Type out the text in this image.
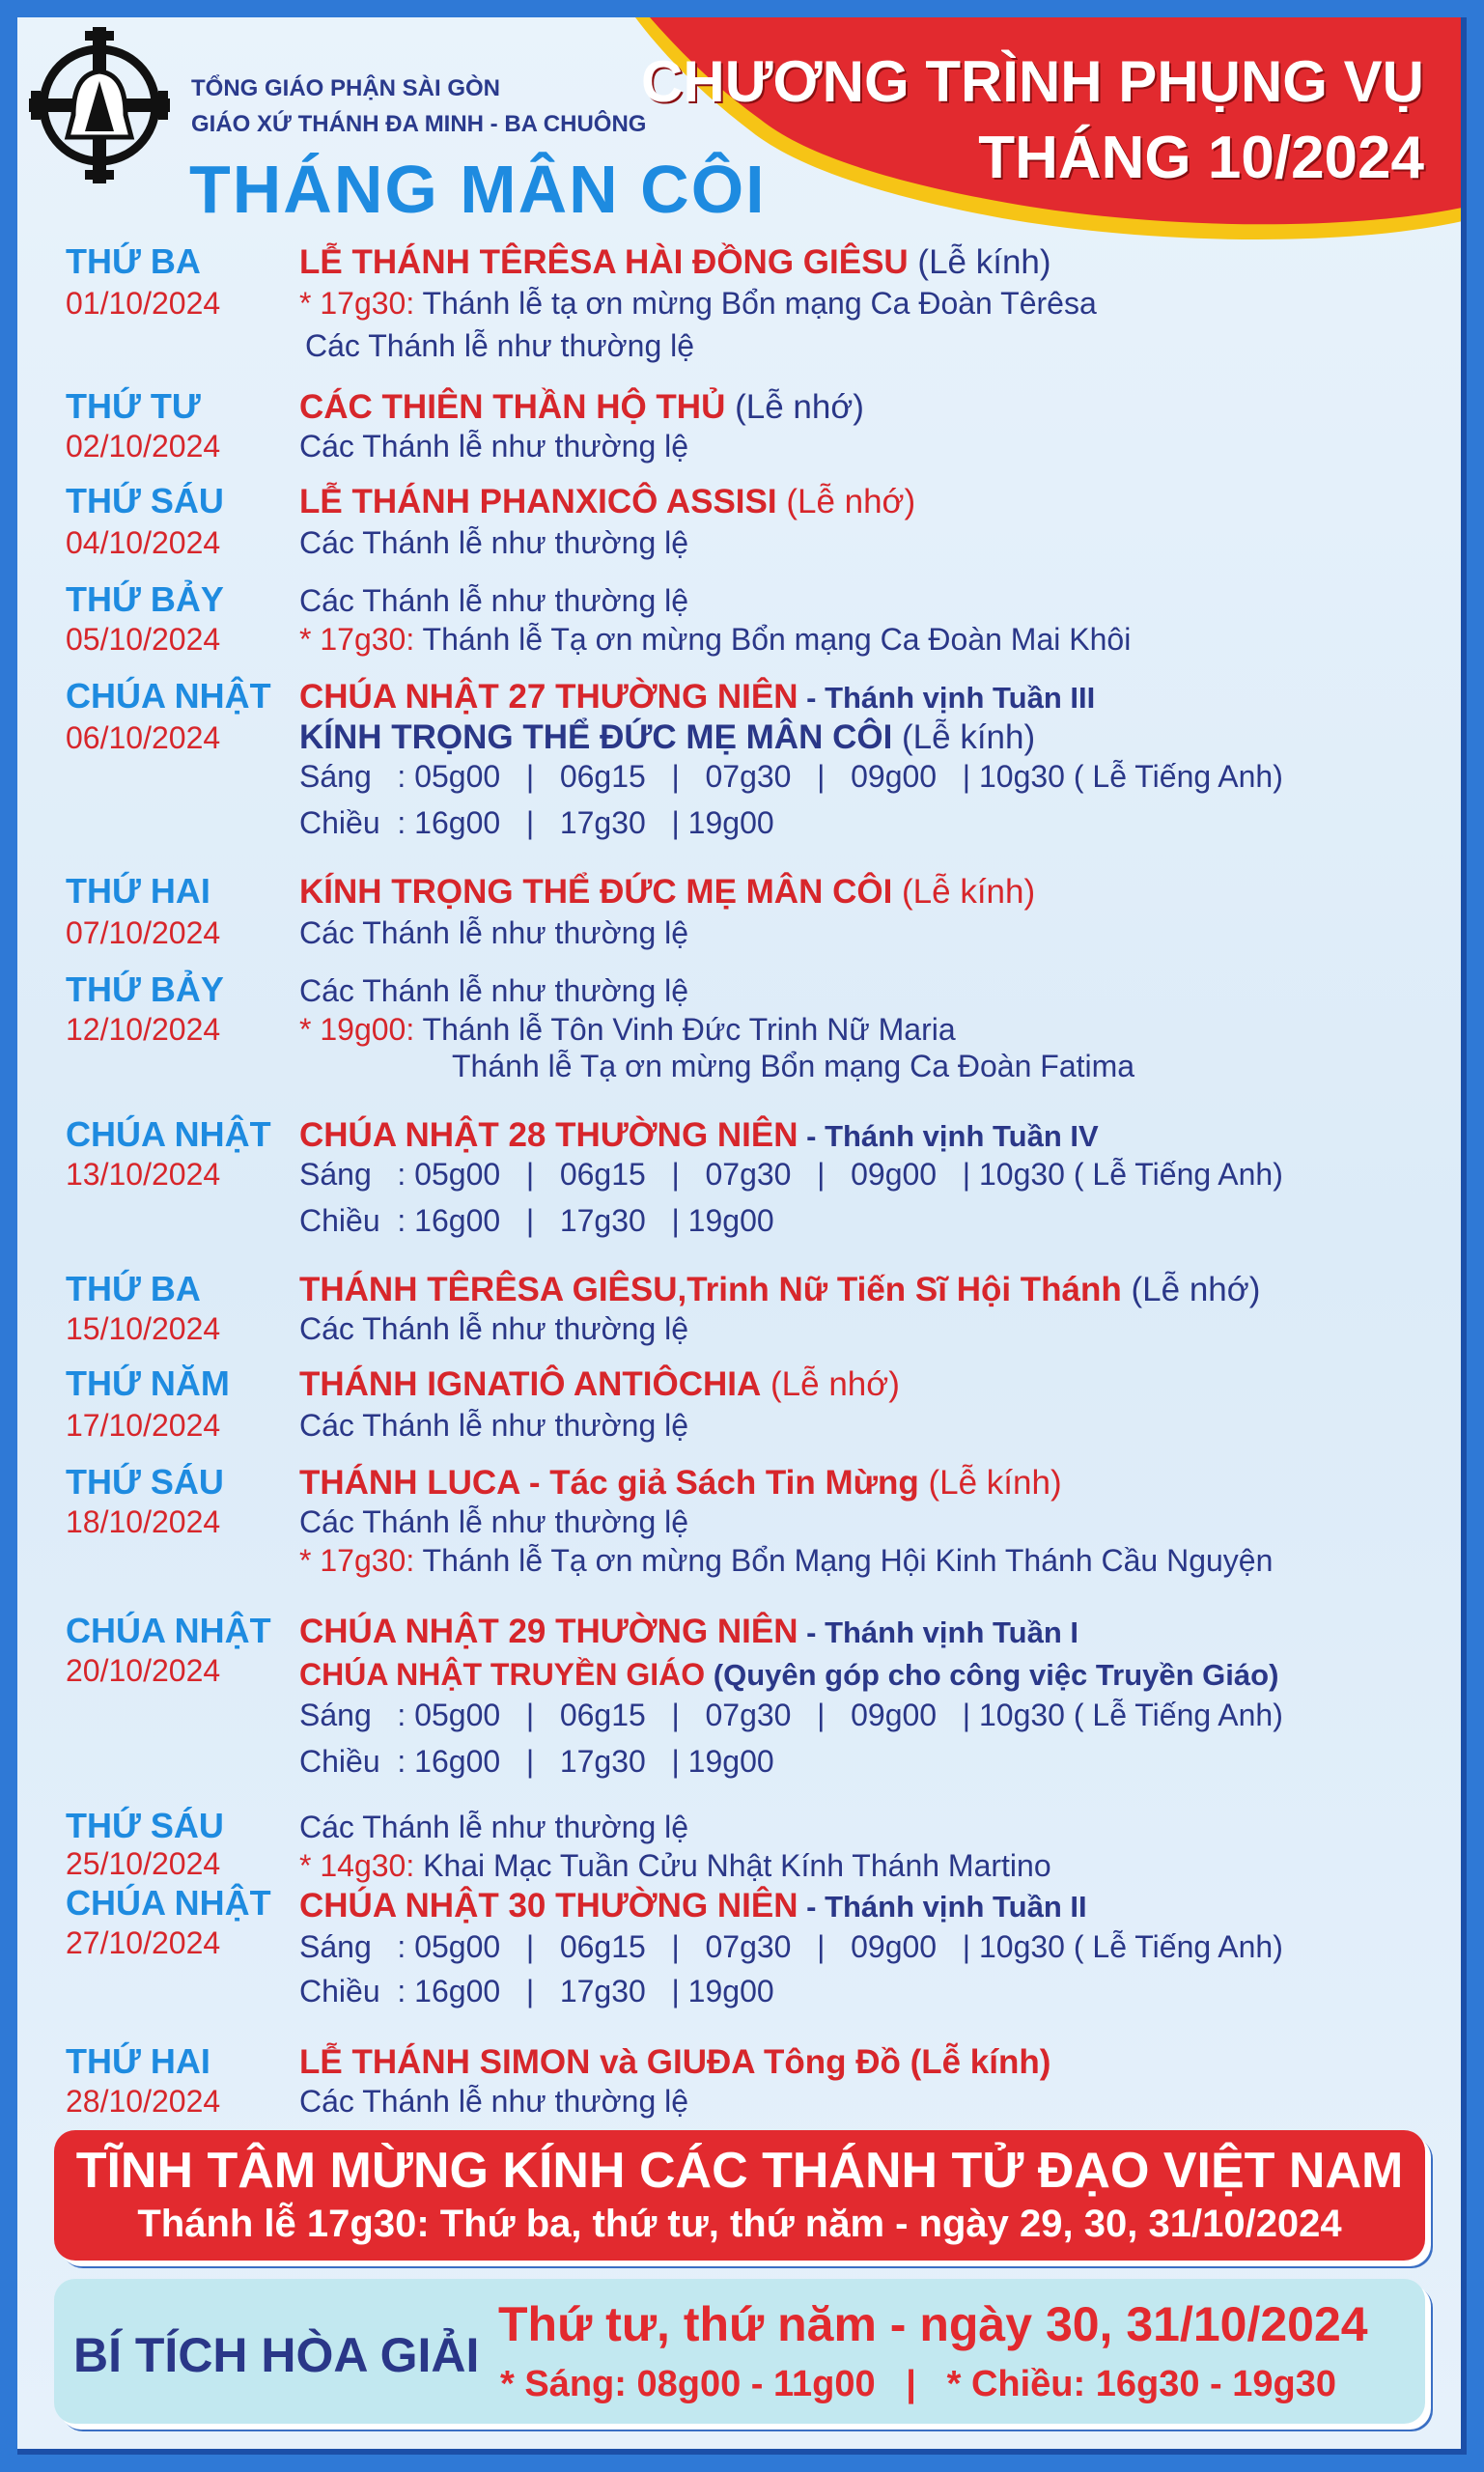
TỔNG GIÁO PHẬN SÀI GÒN
GIÁO XỨ THÁNH ĐA MINH - BA CHUÔNG
THÁNG MÂN CÔI
CHƯƠNG TRÌNH PHỤNG VỤ
THÁNG 10/2024
THỨ BA
01/10/2024
LỄ THÁNH TÊRÊSA HÀI ĐỒNG GIÊSU (Lễ kính)
* 17g30: Thánh lễ tạ ơn mừng Bổn mạng Ca Đoàn Têrêsa
Các Thánh lễ như thường lệ
THỨ TƯ
02/10/2024
CÁC THIÊN THẦN HỘ THỦ (Lễ nhớ)
Các Thánh lễ như thường lệ
THỨ SÁU
04/10/2024
LỄ THÁNH PHANXICÔ ASSISI (Lễ nhớ)
Các Thánh lễ như thường lệ
THỨ BẢY
05/10/2024
Các Thánh lễ như thường lệ
* 17g30: Thánh lễ Tạ ơn mừng Bổn mạng Ca Đoàn Mai Khôi
CHÚA NHẬT
06/10/2024
CHÚA NHẬT 27 THƯỜNG NIÊN - Thánh vịnh Tuần III
KÍNH TRỌNG THỂ ĐỨC MẸ MÂN CÔI (Lễ kính)
Sáng   : 05g00   |   06g15   |   07g30   |   09g00   | 10g30 ( Lễ Tiếng Anh)
Chiều  : 16g00   |   17g30   | 19g00
THỨ HAI
07/10/2024
KÍNH TRỌNG THỂ ĐỨC MẸ MÂN CÔI (Lễ kính)
Các Thánh lễ như thường lệ
THỨ BẢY
12/10/2024
Các Thánh lễ như thường lệ
* 19g00: Thánh lễ Tôn Vinh Đức Trinh Nữ Maria
Thánh lễ Tạ ơn mừng Bổn mạng Ca Đoàn Fatima
CHÚA NHẬT
13/10/2024
CHÚA NHẬT 28 THƯỜNG NIÊN - Thánh vịnh Tuần IV
Sáng   : 05g00   |   06g15   |   07g30   |   09g00   | 10g30 ( Lễ Tiếng Anh)
Chiều  : 16g00   |   17g30   | 19g00
THỨ BA
15/10/2024
THÁNH TÊRÊSA GIÊSU,Trinh Nữ Tiến Sĩ Hội Thánh (Lễ nhớ)
Các Thánh lễ như thường lệ
THỨ NĂM
17/10/2024
THÁNH IGNATIÔ ANTIÔCHIA (Lễ nhớ)
Các Thánh lễ như thường lệ
THỨ SÁU
18/10/2024
THÁNH LUCA - Tác giả Sách Tin Mừng (Lễ kính)
Các Thánh lễ như thường lệ
* 17g30: Thánh lễ Tạ ơn mừng Bổn Mạng Hội Kinh Thánh Cầu Nguyện
CHÚA NHẬT
20/10/2024
CHÚA NHẬT 29 THƯỜNG NIÊN - Thánh vịnh Tuần I
CHÚA NHẬT TRUYỀN GIÁO (Quyên góp cho công việc Truyền Giáo)
Sáng   : 05g00   |   06g15   |   07g30   |   09g00   | 10g30 ( Lễ Tiếng Anh)
Chiều  : 16g00   |   17g30   | 19g00
THỨ SÁU
25/10/2024
Các Thánh lễ như thường lệ
* 14g30: Khai Mạc Tuần Cửu Nhật Kính Thánh Martino
CHÚA NHẬT
27/10/2024
CHÚA NHẬT 30 THƯỜNG NIÊN - Thánh vịnh Tuần II
Sáng   : 05g00   |   06g15   |   07g30   |   09g00   | 10g30 ( Lễ Tiếng Anh)
Chiều  : 16g00   |   17g30   | 19g00
THỨ HAI
28/10/2024
LỄ THÁNH SIMON và GIUĐA Tông Đồ (Lễ kính)
Các Thánh lễ như thường lệ
TĨNH TÂM MỪNG KÍNH CÁC THÁNH TỬ ĐẠO VIỆT NAM
Thánh lễ 17g30: Thứ ba, thứ tư, thứ năm - ngày 29, 30, 31/10/2024
BÍ TÍCH HÒA GIẢI
Thứ tư, thứ năm - ngày 30, 31/10/2024
* Sáng: 08g00 - 11g00   |   * Chiều: 16g30 - 19g30
